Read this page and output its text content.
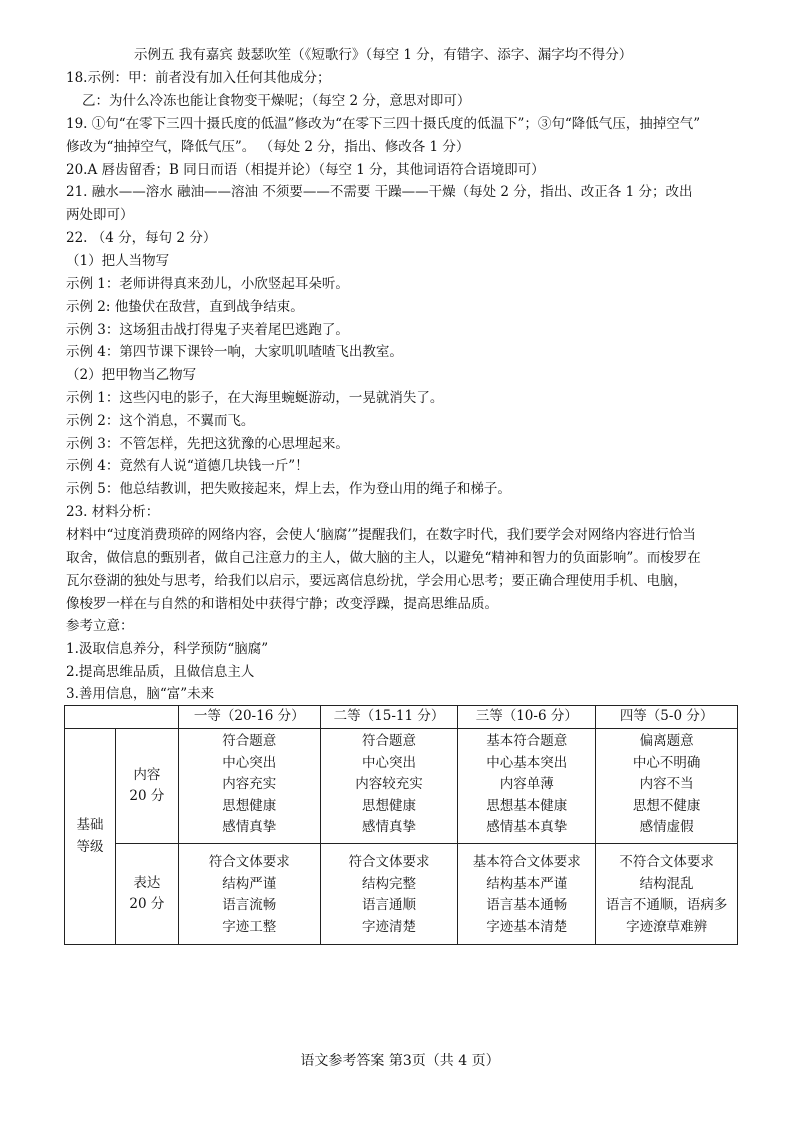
示例五 我有嘉宾 鼓瑟吹笙（《短歌行》（每空 1 分，有错字、添字、漏字均不得分）
18.示例：甲：前者没有加入任何其他成分；
乙：为什么冷冻也能让食物变干燥呢；（每空 2 分，意思对即可）
19. ①句“在零下三四十摄氏度的低温”修改为“在零下三四十摄氏度的低温下”；③句“降低气压，抽掉空气”
修改为“抽掉空气，降低气压”。 （每处 2 分，指出、修改各 1 分）
20.A 唇齿留香；B 同日而语（相提并论）（每空 1 分，其他词语符合语境即可）
21. 融水——溶水 融油——溶油 不须要——不需要 干躁——干燥（每处 2 分，指出、改正各 1 分；改出
两处即可）
22. （4 分，每句 2 分）
（1）把人当物写
示例 1：老师讲得真来劲儿，小欣竖起耳朵听。
示例 2: 他蛰伏在敌营，直到战争结束。
示例 3：这场狙击战打得鬼子夹着尾巴逃跑了。
示例 4：第四节课下课铃一响，大家叽叽喳喳飞出教室。
（2）把甲物当乙物写
示例 1：这些闪电的影子，在大海里蜿蜒游动，一晃就消失了。
示例 2：这个消息，不翼而飞。
示例 3：不管怎样，先把这犹豫的心思埋起来。
示例 4：竟然有人说“道德几块钱一斤”！
示例 5：他总结教训，把失败接起来，焊上去，作为登山用的绳子和梯子。
23. 材料分析：
材料中“过度消费琐碎的网络内容，会使人‘脑腐’”提醒我们，在数字时代，我们要学会对网络内容进行恰当
取舍，做信息的甄别者，做自己注意力的主人，做大脑的主人，以避免“精神和智力的负面影响”。而梭罗在
瓦尔登湖的独处与思考，给我们以启示，要远离信息纷扰，学会用心思考；要正确合理使用手机、电脑，
像梭罗一样在与自然的和谐相处中获得宁静；改变浮躁，提高思维品质。
参考立意：
1.汲取信息养分，科学预防“脑腐”
2.提高思维品质，且做信息主人
3.善用信息，脑“富”未来
		一等（20-16 分）	二等（15-11 分）	三等（10-6 分）	四等（5-0 分）
基础
等级	内容
20 分	符合题意
中心突出
内容充实
思想健康
感情真挚	符合题意
中心突出
内容较充实
思想健康
感情真挚	基本符合题意
中心基本突出
内容单薄
思想基本健康
感情基本真挚	偏离题意
中心不明确
内容不当
思想不健康
感情虚假
	表达
20 分	符合文体要求
结构严谨
语言流畅
字迹工整	符合文体要求
结构完整
语言通顺
字迹清楚	基本符合文体要求
结构基本严谨
语言基本通畅
字迹基本清楚	不符合文体要求
结构混乱
语言不通顺，语病多
字迹潦草难辨
语文参考答案 第3页（共 4 页）
